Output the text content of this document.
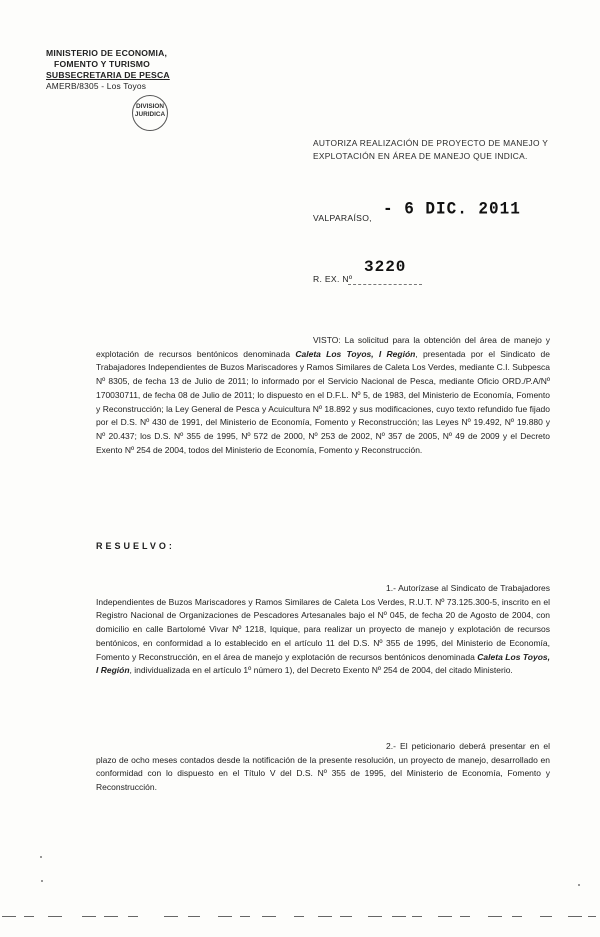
MINISTERIO DE ECONOMIA,
FOMENTO Y TURISMO
SUBSECRETARIA DE PESCA
AMERB/8305 - Los Toyos
DIVISION
JURIDICA
AUTORIZA REALIZACIÓN DE PROYECTO DE MANEJO Y EXPLOTACIÓN EN ÁREA DE MANEJO QUE INDICA.
VALPARAÍSO, - 6 DIC. 2011
R. EX. Nº
3220
VISTO: La solicitud para la obtención del área de manejo y explotación de recursos bentónicos denominada Caleta Los Toyos, I Región, presentada por el Sindicato de Trabajadores Independientes de Buzos Mariscadores y Ramos Similares de Caleta Los Verdes, mediante C.I. Subpesca Nº 8305, de fecha 13 de Julio de 2011; lo informado por el Servicio Nacional de Pesca, mediante Oficio ORD./P.A/Nº 170030711, de fecha 08 de Julio de 2011; lo dispuesto en el D.F.L. Nº 5, de 1983, del Ministerio de Economía, Fomento y Reconstrucción; la Ley General de Pesca y Acuicultura Nº 18.892 y sus modificaciones, cuyo texto refundido fue fijado por el D.S. Nº 430 de 1991, del Ministerio de Economía, Fomento y Reconstrucción; las Leyes Nº 19.492, Nº 19.880 y Nº 20.437; los D.S. Nº 355 de 1995, Nº 572 de 2000, Nº 253 de 2002, Nº 357 de 2005, Nº 49 de 2009 y el Decreto Exento Nº 254 de 2004, todos del Ministerio de Economía, Fomento y Reconstrucción.
RESUELVO:
1.- Autorízase al Sindicato de Trabajadores Independientes de Buzos Mariscadores y Ramos Similares de Caleta Los Verdes, R.U.T. Nº 73.125.300-5, inscrito en el Registro Nacional de Organizaciones de Pescadores Artesanales bajo el Nº 045, de fecha 20 de Agosto de 2004, con domicilio en calle Bartolomé Vivar Nº 1218, Iquique, para realizar un proyecto de manejo y explotación de recursos bentónicos, en conformidad a lo establecido en el artículo 11 del D.S. Nº 355 de 1995, del Ministerio de Economía, Fomento y Reconstrucción, en el área de manejo y explotación de recursos bentónicos denominada Caleta Los Toyos, I Región, individualizada en el artículo 1º número 1), del Decreto Exento Nº 254 de 2004, del citado Ministerio.
2.- El peticionario deberá presentar en el plazo de ocho meses contados desde la notificación de la presente resolución, un proyecto de manejo, desarrollado en conformidad con lo dispuesto en el Título V del D.S. Nº 355 de 1995, del Ministerio de Economía, Fomento y Reconstrucción.
